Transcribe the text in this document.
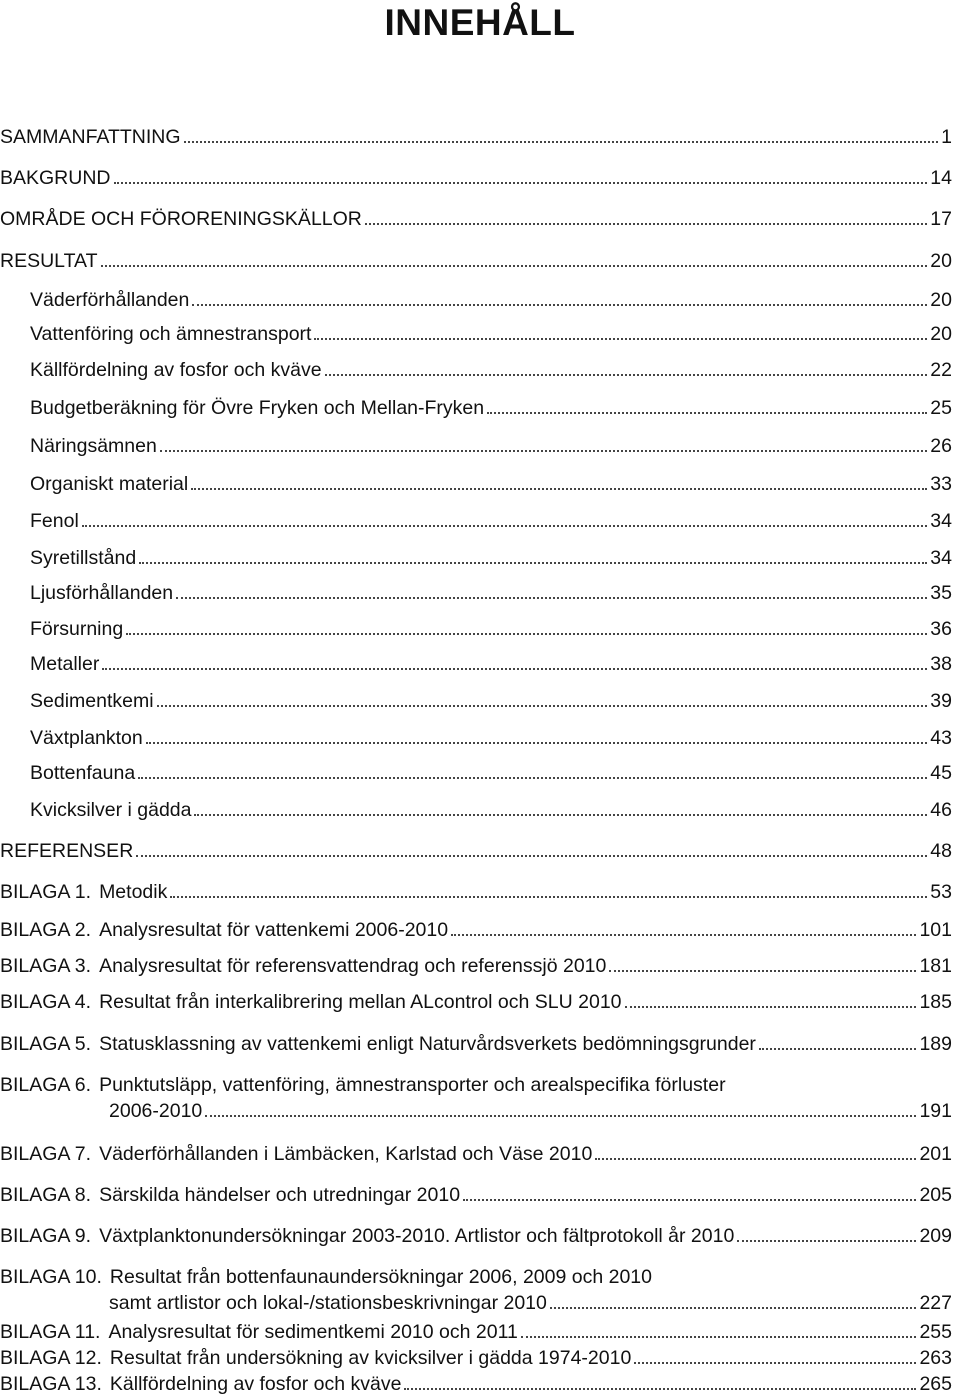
INNEHÅLL
SAMMANFATTNING	1
BAKGRUND	14
OMRÅDE OCH FÖRORENINGSKÄLLOR	17
RESULTAT	20
Väderförhållanden	20
Vattenföring och ämnestransport	20
Källfördelning av fosfor och kväve	22
Budgetberäkning för Övre Fryken och Mellan-Fryken	25
Näringsämnen	26
Organiskt material	33
Fenol	34
Syretillstånd	34
Ljusförhållanden	35
Försurning	36
Metaller	38
Sedimentkemi	39
Växtplankton	43
Bottenfauna	45
Kvicksilver i gädda	46
REFERENSER	48
BILAGA 1. Metodik	53
BILAGA 2. Analysresultat för vattenkemi 2006-2010	101
BILAGA 3. Analysresultat för referensvattendrag och referenssjö 2010	181
BILAGA 4. Resultat från interkalibrering mellan ALcontrol och SLU 2010	185
BILAGA 5. Statusklassning av vattenkemi enligt Naturvårdsverkets bedömningsgrunder	189
BILAGA 6. Punktutsläpp, vattenföring, ämnestransporter och arealspecifika förluster
2006-2010	191
BILAGA 7. Väderförhållanden i Lämbäcken, Karlstad och Väse 2010	201
BILAGA 8. Särskilda händelser och utredningar 2010	205
BILAGA 9. Växtplanktonundersökningar 2003-2010. Artlistor och fältprotokoll år 2010	209
BILAGA 10. Resultat från bottenfaunaundersökningar 2006, 2009 och 2010
samt artlistor och lokal-/stationsbeskrivningar 2010	227
BILAGA 11. Analysresultat för sedimentkemi 2010 och 2011	255
BILAGA 12. Resultat från undersökning av kvicksilver i gädda 1974-2010	263
BILAGA 13. Källfördelning av fosfor och kväve	265
